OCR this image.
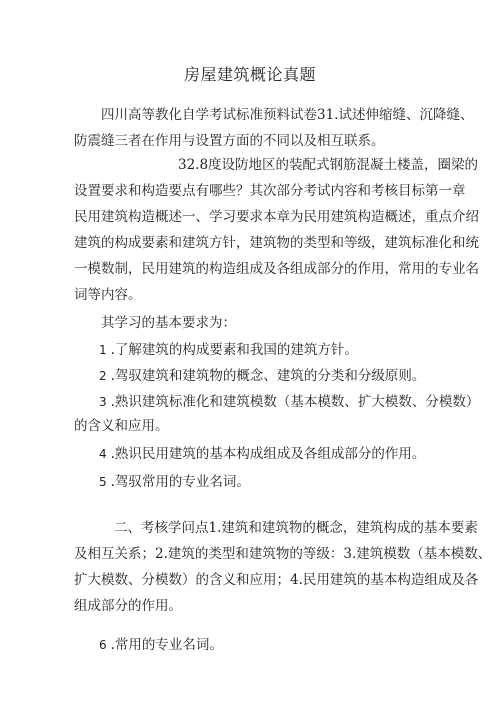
房屋建筑概论真题
四川高等教化自学考试标准预料试卷31.试述伸缩缝、沉降缝、
防震缝三者在作用与设置方面的不同以及相互联系。
32.8度设防地区的装配式钢筋混凝土楼盖，圈梁的
设置要求和构造要点有哪些？其次部分考试内容和考核目标第一章
民用建筑构造概述一、学习要求本章为民用建筑构造概述，重点介绍
建筑的构成要素和建筑方针，建筑物的类型和等级，建筑标准化和统
一模数制，民用建筑的构造组成及各组成部分的作用，常用的专业名
词等内容。
其学习的基本要求为：
1 .了解建筑的构成要素和我国的建筑方针。
2 .驾驭建筑和建筑物的概念、建筑的分类和分级原则。
3 .熟识建筑标准化和建筑模数（基本模数、扩大模数、分模数）
的含义和应用。
4 .熟识民用建筑的基本构成组成及各组成部分的作用。
5 .驾驭常用的专业名词。
二、考核学问点1.建筑和建筑物的概念，建筑构成的基本要素
及相互关系；2.建筑的类型和建筑物的等级：3.建筑模数（基本模数、
扩大模数、分模数）的含义和应用；4.民用建筑的基本构造组成及各
组成部分的作用。
6 .常用的专业名词。
